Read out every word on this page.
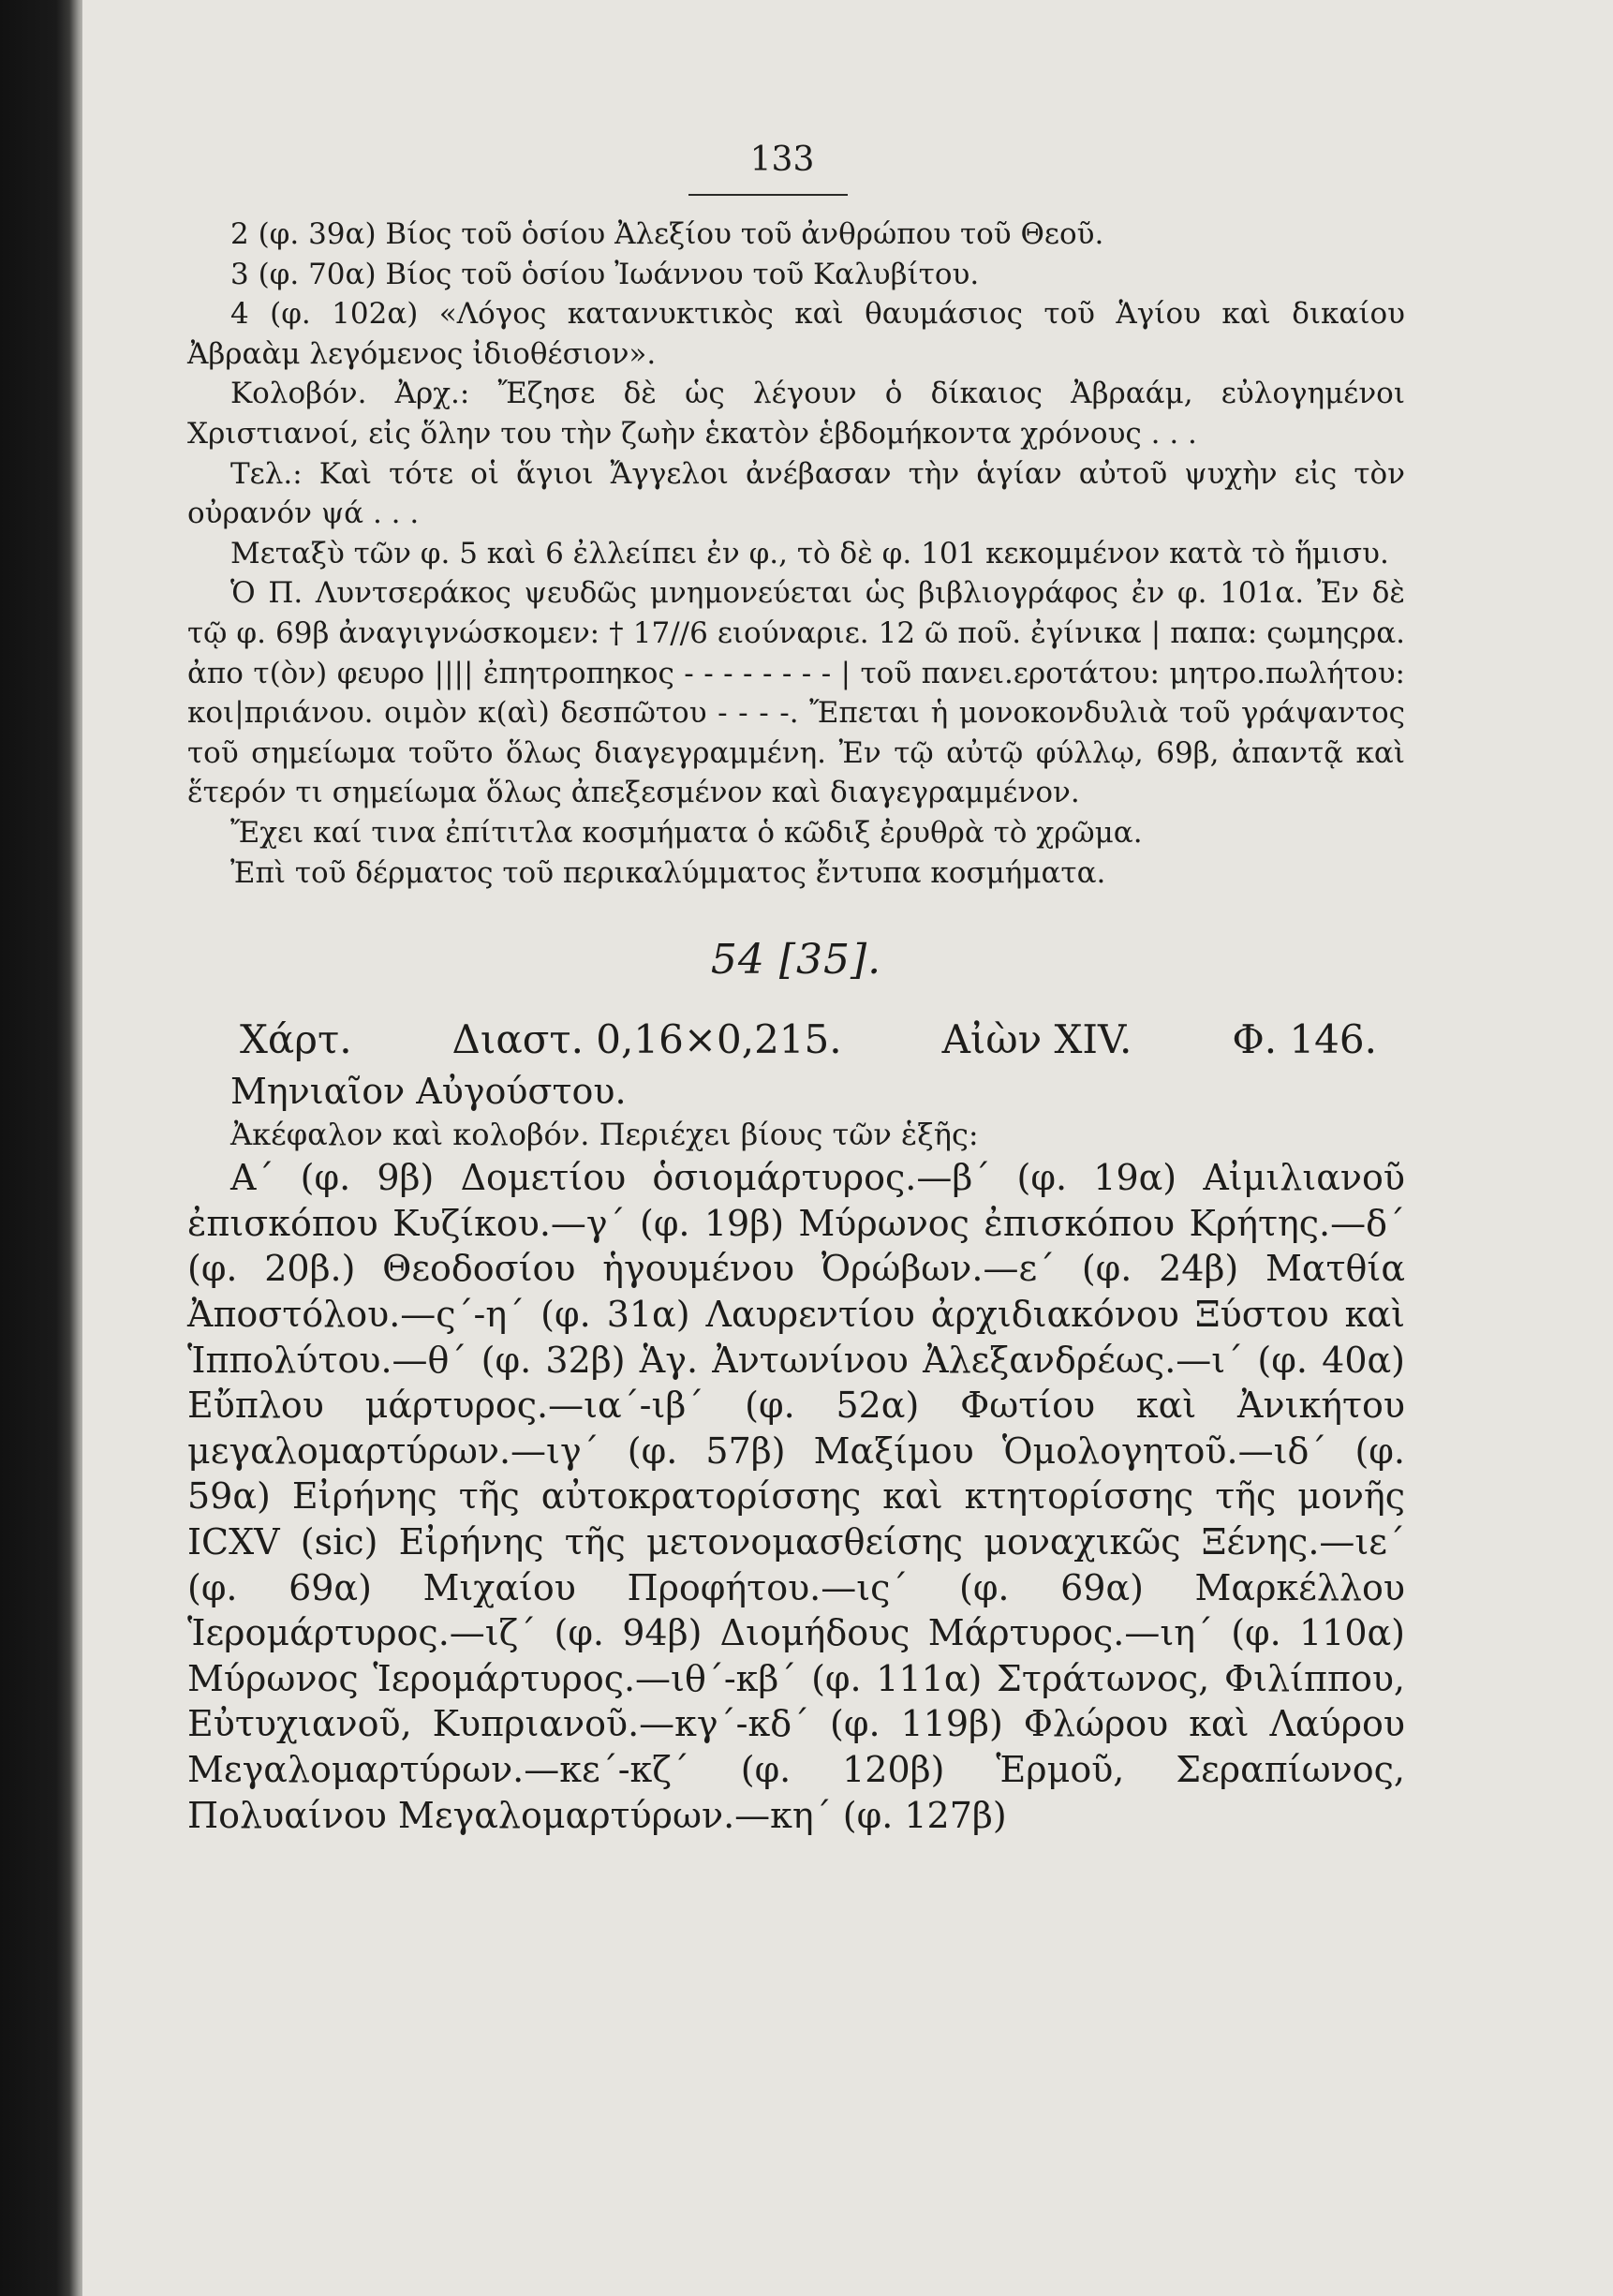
133

2 (φ. 39α) Βίος τοῦ ὁσίου Ἀλεξίου τοῦ ἀνθρώπου τοῦ Θεοῦ.

3 (φ. 70α) Βίος τοῦ ὁσίου Ἰωάννου τοῦ Καλυβίτου.

4 (φ. 102α) «Λόγος κατανυκτικὸς καὶ θαυμάσιος τοῦ Ἁγίου καὶ δικαίου Ἀβραὰμ λεγόμενος ἰδιοθέσιον».

Κολοβόν. Ἀρχ.: Ἔζησε δὲ ὡς λέγουν ὁ δίκαιος Ἀβραάμ, εὐλογημένοι Χριστιανοί, εἰς ὅλην του τὴν ζωὴν ἑκατὸν ἑβδομήκοντα χρόνους . . .

Τελ.: Καὶ τότε οἱ ἅγιοι Ἄγγελοι ἀνέβασαν τὴν ἁγίαν αὐτοῦ ψυχὴν εἰς τὸν οὐρανόν ψά . . .

Μεταξὺ τῶν φ. 5 καὶ 6 ἐλλείπει ἐν φ., τὸ δὲ φ. 101 κεκομμένον κατὰ τὸ ἥμισυ.

Ὁ Π. Λυντσεράκος ψευδῶς μνημονεύεται ὡς βιβλιογράφος ἐν φ. 101α. Ἐν δὲ τῷ φ. 69β ἀναγιγνώσκομεν: † 17//6 ειούναριε. 12 ῶ ποῦ. ἐγίνικα | παπα: ςωμηςρα. ἀπο τ(ὸν) φευρο |||| ἐπητροπηκος - - - - - - - - | τοῦ πανει.εροτάτου: μητρο.πωλήτου: κοι|πριάνου. οιμὸν κ(αὶ) δεσπῶτου - - - -. Ἔπεται ἡ μονοκονδυλιὰ τοῦ γράψαντος τοῦ σημείωμα τοῦτο ὅλως διαγεγραμμένη. Ἐν τῷ αὐτῷ φύλλῳ, 69β, ἀπαντᾷ καὶ ἕτερόν τι σημείωμα ὅλως ἀπεξεσμένον καὶ διαγεγραμμένον.

Ἔχει καί τινα ἐπίτιτλα κοσμήματα ὁ κῶδιξ ἐρυθρὰ τὸ χρῶμα.

Ἐπὶ τοῦ δέρματος τοῦ περικαλύμματος ἔντυπα κοσμήματα.

54 [35].
Χάρτ.	Διαστ. 0,16×0,215.	Αἰὼν XIV.	Φ. 146.

Μηνιαῖον Αὐγούστου.

Ἀκέφαλον καὶ κολοβόν. Περιέχει βίους τῶν ἑξῆς:

Α´ (φ. 9β) Δομετίου ὁσιομάρτυρος.—β´ (φ. 19α) Αἰμιλιανοῦ ἐπισκόπου Κυζίκου.—γ´ (φ. 19β) Μύρωνος ἐπισκόπου Κρήτης.—δ´ (φ. 20β.) Θεοδοσίου ἡγουμένου Ὀρώβων.—ε´ (φ. 24β) Ματθία Ἀποστόλου.—ς´-η´ (φ. 31α) Λαυρεντίου ἀρχιδιακόνου Ξύστου καὶ Ἱππολύτου.—θ´ (φ. 32β) Ἁγ. Ἀντωνίνου Ἀλεξανδρέως.—ι´ (φ. 40α) Εὔπλου μάρτυρος.—ια´-ιβ´ (φ. 52α) Φωτίου καὶ Ἀνικήτου μεγαλομαρτύρων.—ιγ´ (φ. 57β) Μαξίμου Ὁμολογητοῦ.—ιδ´ (φ. 59α) Εἰρήνης τῆς αὐτοκρατορίσσης καὶ κτητορίσσης τῆς μονῆς ICXV (sic) Εἰρήνης τῆς μετονομασθείσης μοναχικῶς Ξένης.—ιε´ (φ. 69α) Μιχαίου Προφήτου.—ις´ (φ. 69α) Μαρκέλλου Ἱερομάρτυρος.—ιζ´ (φ. 94β) Διομήδους Μάρτυρος.—ιη´ (φ. 110α) Μύρωνος Ἱερομάρτυρος.—ιθ´-κβ´ (φ. 111α) Στράτωνος, Φιλίππου, Εὐτυχιανοῦ, Κυπριανοῦ.—κγ´-κδ´ (φ. 119β) Φλώρου καὶ Λαύρου Μεγαλομαρτύρων.—κε´-κζ´ (φ. 120β) Ἑρμοῦ, Σεραπίωνος, Πολυαίνου Μεγαλομαρτύρων.—κη´ (φ. 127β)
